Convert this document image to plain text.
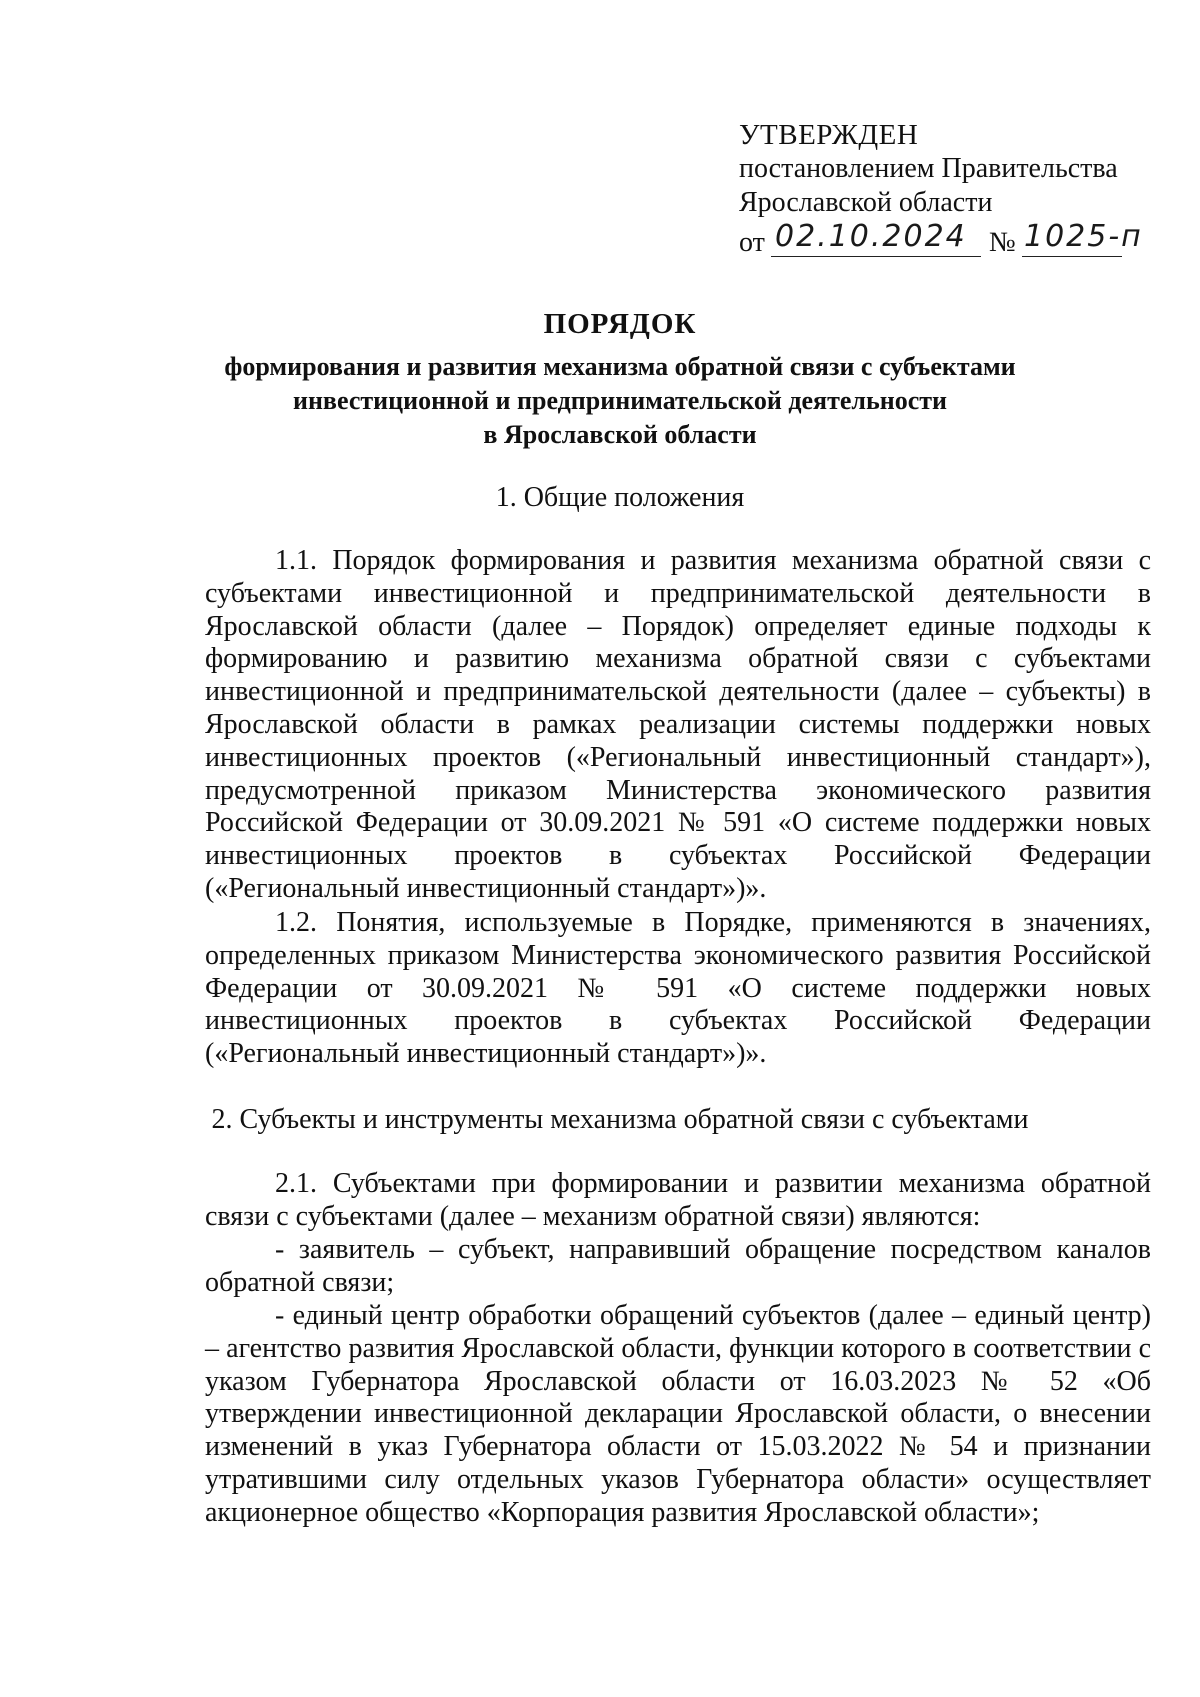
УТВЕРЖДЕН
постановлением Правительства
Ярославской области
от 02.10.2024 № 1025-п
ПОРЯДОК
формирования и развития механизма обратной связи с субъектами
инвестиционной и предпринимательской деятельности
в Ярославской области
1. Общие положения
1.1. Порядок формирования и развития механизма обратной связи с субъектами инвестиционной и предпринимательской деятельности в Ярославской области (далее – Порядок) определяет единые подходы к формированию и развитию механизма обратной связи с субъектами инвестиционной и предпринимательской деятельности (далее – субъекты) в Ярославской области в рамках реализации системы поддержки новых инвестиционных проектов («Региональный инвестиционный стандарт»), предусмотренной приказом Министерства экономического развития Российской Федерации от 30.09.2021 № 591 «О системе поддержки новых инвестиционных проектов в субъектах Российской Федерации («Региональный инвестиционный стандарт»)».
1.2. Понятия, используемые в Порядке, применяются в значениях, определенных приказом Министерства экономического развития Российской Федерации от 30.09.2021 № 591 «О системе поддержки новых инвестиционных проектов в субъектах Российской Федерации («Региональный инвестиционный стандарт»)».
2. Субъекты и инструменты механизма обратной связи с субъектами
2.1. Субъектами при формировании и развитии механизма обратной связи с субъектами (далее – механизм обратной связи) являются:
- заявитель – субъект, направивший обращение посредством каналов обратной связи;
- единый центр обработки обращений субъектов (далее – единый центр) – агентство развития Ярославской области, функции которого в соответствии с указом Губернатора Ярославской области от 16.03.2023 № 52 «Об утверждении инвестиционной декларации Ярославской области, о внесении изменений в указ Губернатора области от 15.03.2022 № 54 и признании утратившими силу отдельных указов Губернатора области» осуществляет акционерное общество «Корпорация развития Ярославской области»;
